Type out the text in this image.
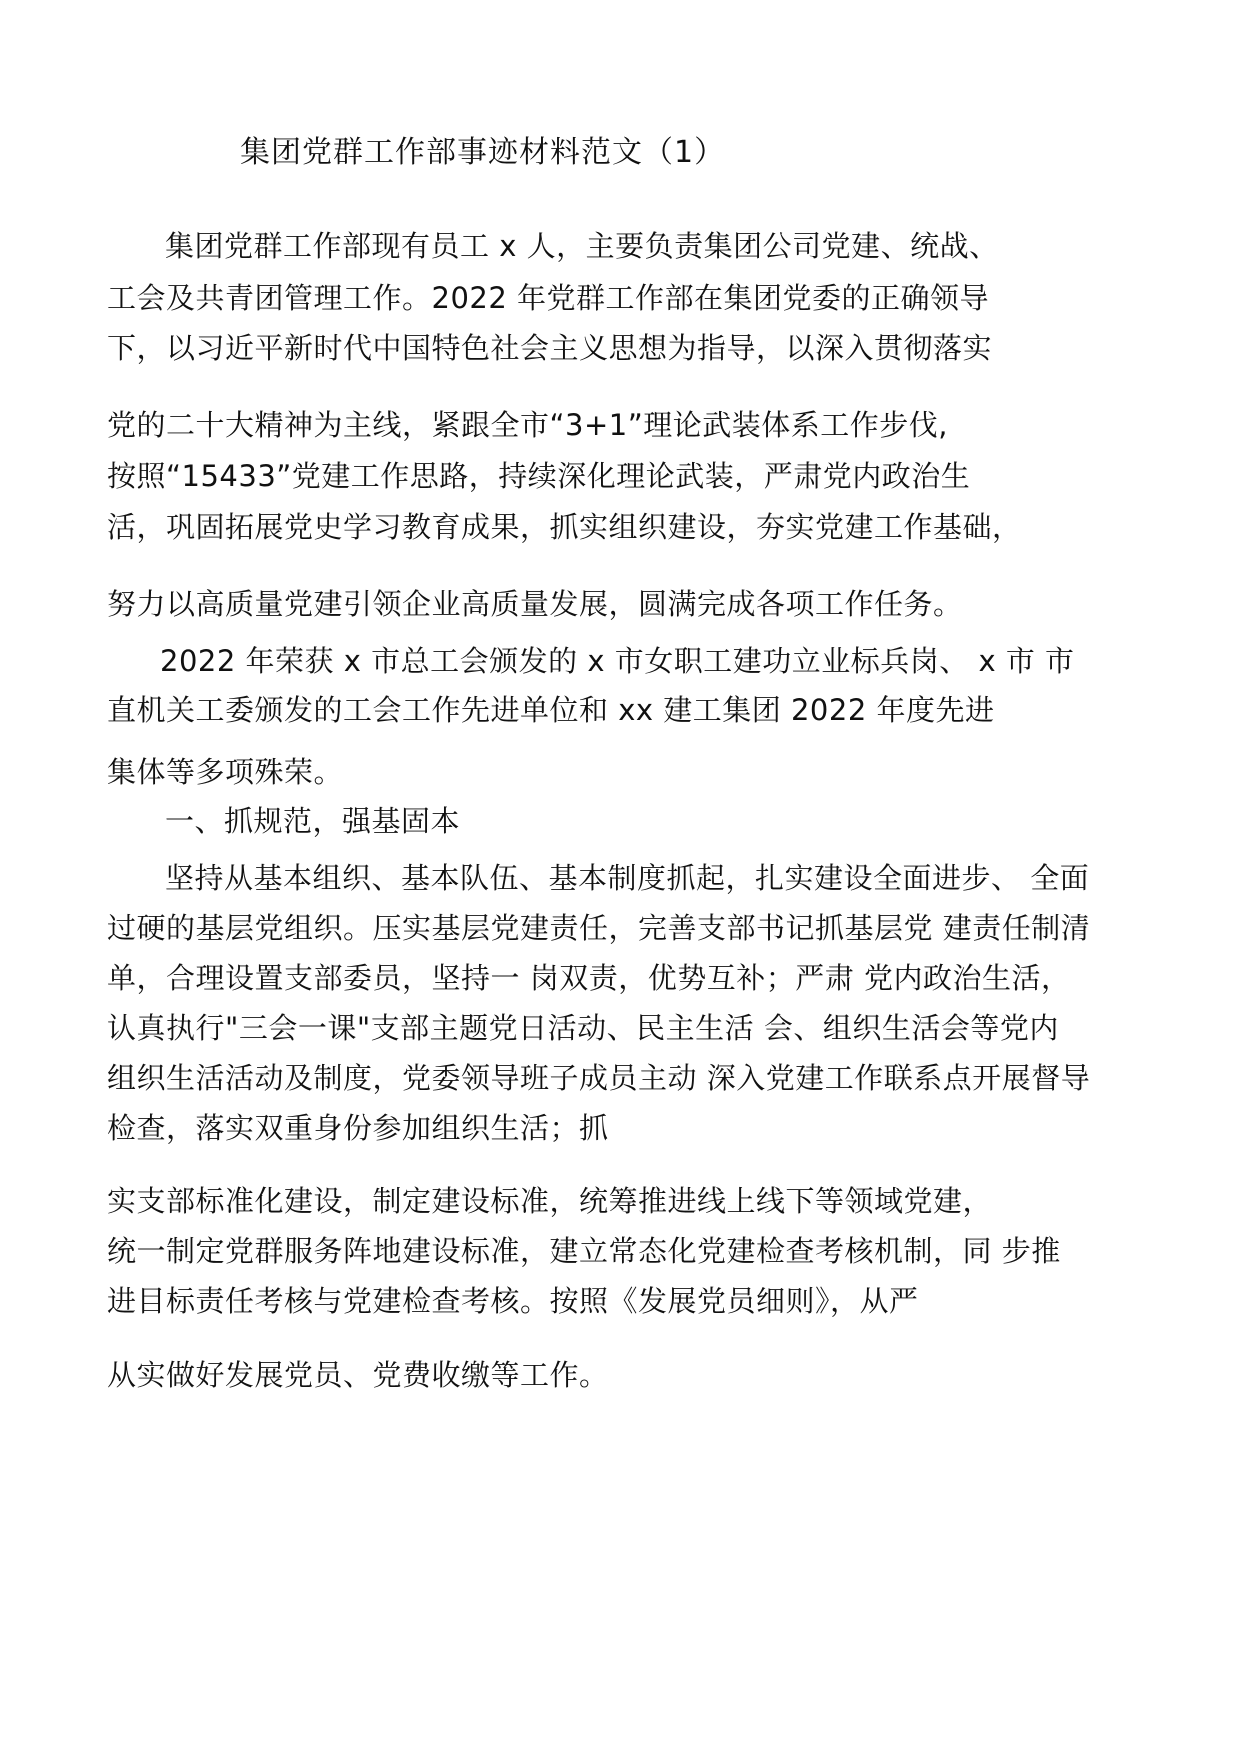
集团党群工作部事迹材料范文（1）
集团党群工作部现有员工 x 人，主要负责集团公司党建、统战、
工会及共青团管理工作。2022 年党群工作部在集团党委的正确领导
下，以习近平新时代中国特色社会主义思想为指导，以深入贯彻落实
党的二十大精神为主线，紧跟全市“3+1”理论武装体系工作步伐,
按照“15433”党建工作思路，持续深化理论武装，严肃党内政治生
活，巩固拓展党史学习教育成果，抓实组织建设，夯实党建工作基础，
努力以高质量党建引领企业高质量发展，圆满完成各项工作任务。
2022 年荣获 x 市总工会颁发的 x 市女职工建功立业标兵岗、 x 市 市
直机关工委颁发的工会工作先进单位和 xx 建工集团 2022 年度先进
集体等多项殊荣。
一、抓规范，强基固本
坚持从基本组织、基本队伍、基本制度抓起，扎实建设全面进步、 全面
过硬的基层党组织。压实基层党建责任，完善支部书记抓基层党 建责任制清
单，合理设置支部委员，坚持一 岗双责，优势互补；严肃 党内政治生活，
认真执行"三会一课"支部主题党日活动、民主生活 会、组织生活会等党内
组织生活活动及制度，党委领导班子成员主动 深入党建工作联系点开展督导
检查，落实双重身份参加组织生活；抓
实支部标准化建设，制定建设标准，统筹推进线上线下等领域党建，
统一制定党群服务阵地建设标准，建立常态化党建检查考核机制，同 步推
进目标责任考核与党建检查考核。按照《发展党员细则》，从严
从实做好发展党员、党费收缴等工作。
